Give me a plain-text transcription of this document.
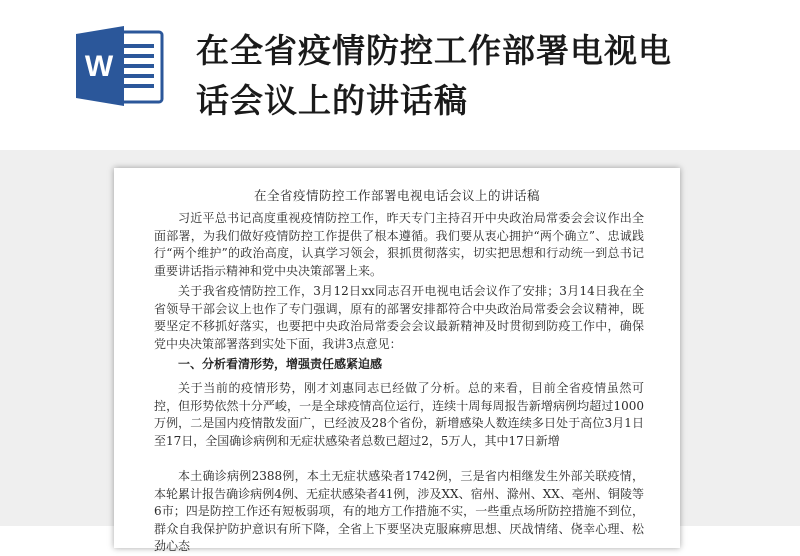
W	在全省疫情防控工作部署电视电
话会议上的讲话稿
在全省疫情防控工作部署电视电话会议上的讲话稿

习近平总书记高度重视疫情防控工作，昨天专门主持召开中央政治局常委会会议作出全面部署，为我们做好疫情防控工作提供了根本遵循。我们要从衷心拥护“两个确立”、忠诚践行“两个维护”的政治高度，认真学习领会，狠抓贯彻落实，切实把思想和行动统一到总书记重要讲话指示精神和党中央决策部署上来。

关于我省疫情防控工作，3月12日xx同志召开电视电话会议作了安排；3月14日我在全省领导干部会议上也作了专门强调，原有的部署安排都符合中央政治局常委会会议精神，既要坚定不移抓好落实，也要把中央政治局常委会会议最新精神及时贯彻到防疫工作中，确保党中央决策部署落到实处下面，我讲3点意见：

一、分析看清形势，增强责任感紧迫感

关于当前的疫情形势，刚才刘惠同志已经做了分析。总的来看，目前全省疫情虽然可控，但形势依然十分严峻，一是全球疫情高位运行，连续十周每周报告新增病例均超过1000万例，二是国内疫情散发面广，已经波及28个省份，新增感染人数连续多日处于高位3月1日至17日，全国确诊病例和无症状感染者总数已超过2，5万人，其中17日新增

本土确诊病例2388例，本土无症状感染者1742例，三是省内相继发生外部关联疫情，本轮累计报告确诊病例4例、无症状感染者41例，涉及XX、宿州、滁州、XX、亳州、铜陵等6市；四是防控工作还有短板弱项，有的地方工作措施不实，一些重点场所防控措施不到位，群众自我保护防护意识有所下降，全省上下要坚决克服麻痹思想、厌战情绪、侥幸心理、松劲心态
